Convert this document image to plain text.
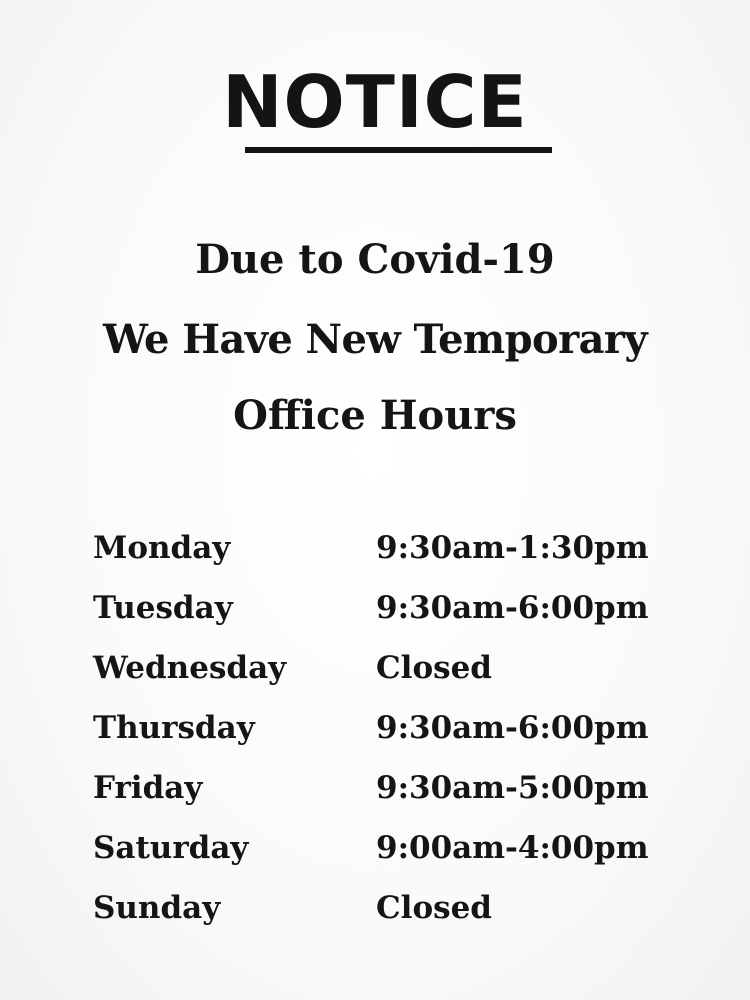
NOTICE

Due to Covid-19

We Have New Temporary

Office Hours

Monday	9:30am-1:30pm
Tuesday	9:30am-6:00pm
Wednesday	Closed
Thursday	9:30am-6:00pm
Friday	9:30am-5:00pm
Saturday	9:00am-4:00pm
Sunday	Closed
